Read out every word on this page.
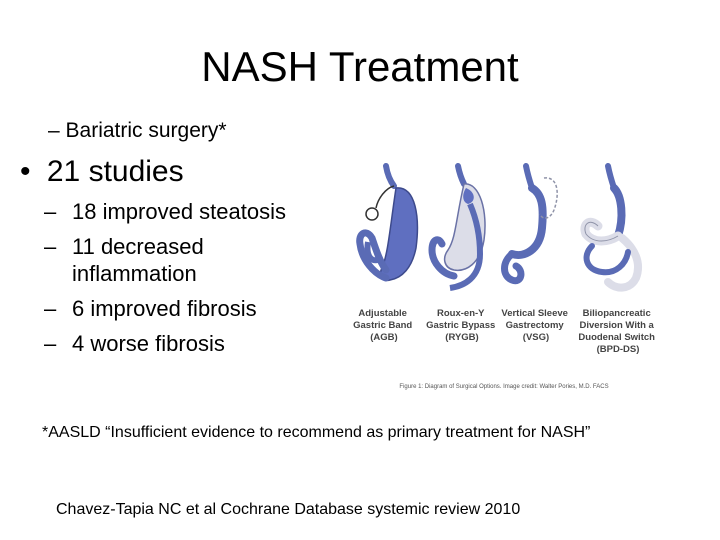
NASH Treatment
– Bariatric surgery*
• 21 studies
– 18 improved steatosis
– 11 decreased inflammation
– 6 improved fibrosis
– 4 worse fibrosis
Adjustable Gastric Band (AGB)
Roux-en-Y Gastric Bypass (RYGB)
Vertical Sleeve Gastrectomy (VSG)
Biliopancreatic Diversion With a Duodenal Switch (BPD-DS)
Figure 1: Diagram of Surgical Options. Image credit: Walter Pories, M.D. FACS
*AASLD “Insufficient evidence to recommend as primary treatment for NASH”
Chavez-Tapia NC et al Cochrane Database systemic review 2010
